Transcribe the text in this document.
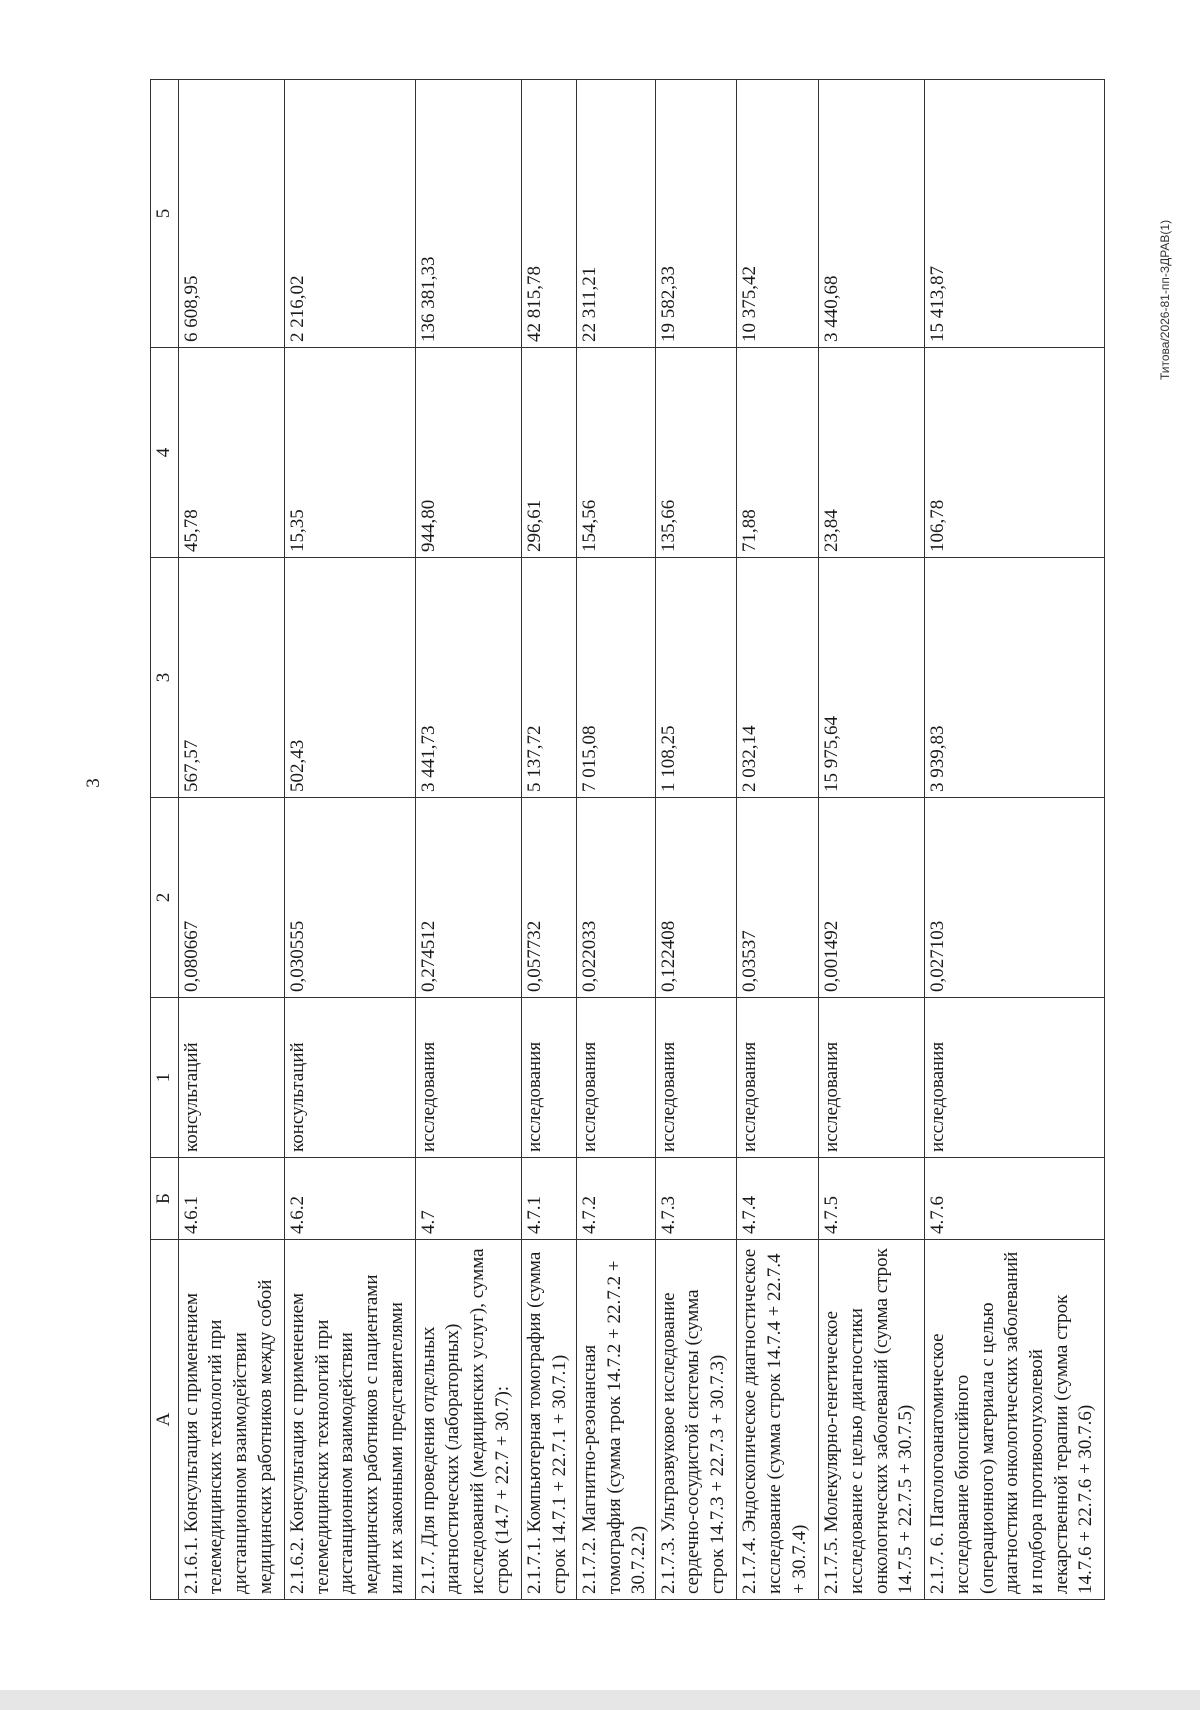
3
Титова/2026-81-пп-ЗДРАВ(1)
А	Б	1	2	3	4	5
2.1.6.1. Консультация с применением телемедицинских технологий при дистанционном взаимодействии медицинских работников между собой	4.6.1	консультаций	0,080667	567,57	45,78	6 608,95
2.1.6.2. Консультация с применением телемедицинских технологий при дистанционном взаимодействии медицинских работников с пациентами или их законными представителями	4.6.2	консультаций	0,030555	502,43	15,35	2 216,02
2.1.7. Для проведения отдельных диагностических (лабораторных) исследований (медицинских услуг), сумма строк (14.7 + 22.7 + 30.7):	4.7	исследования	0,274512	3 441,73	944,80	136 381,33
2.1.7.1. Компьютерная томография (сумма строк 14.7.1 + 22.7.1 + 30.7.1)	4.7.1	исследования	0,057732	5 137,72	296,61	42 815,78
2.1.7.2. Магнитно-резонансная томография (сумма трок 14.7.2 + 22.7.2 + 30.7.2.2)	4.7.2	исследования	0,022033	7 015,08	154,56	22 311,21
2.1.7.3. Ультразвуковое исследование сердечно-сосудистой системы (сумма строк 14.7.3 + 22.7.3 + 30.7.3)	4.7.3	исследования	0,122408	1 108,25	135,66	19 582,33
2.1.7.4. Эндоскопическое диагностическое исследование (сумма строк 14.7.4 + 22.7.4 + 30.7.4)	4.7.4	исследования	0,03537	2 032,14	71,88	10 375,42
2.1.7.5. Молекулярно-генетическое исследование с целью диагностики онкологических заболеваний (сумма строк 14.7.5 + 22.7.5 + 30.7.5)	4.7.5	исследования	0,001492	15 975,64	23,84	3 440,68
2.1.7. 6. Патологоанатомическое исследование биопсийного (операционного) материала с целью диагностики онкологических заболеваний и подбора противоопухолевой лекарственной терапии (сумма строк 14.7.6 + 22.7.6 + 30.7.6)	4.7.6	исследования	0,027103	3 939,83	106,78	15 413,87
